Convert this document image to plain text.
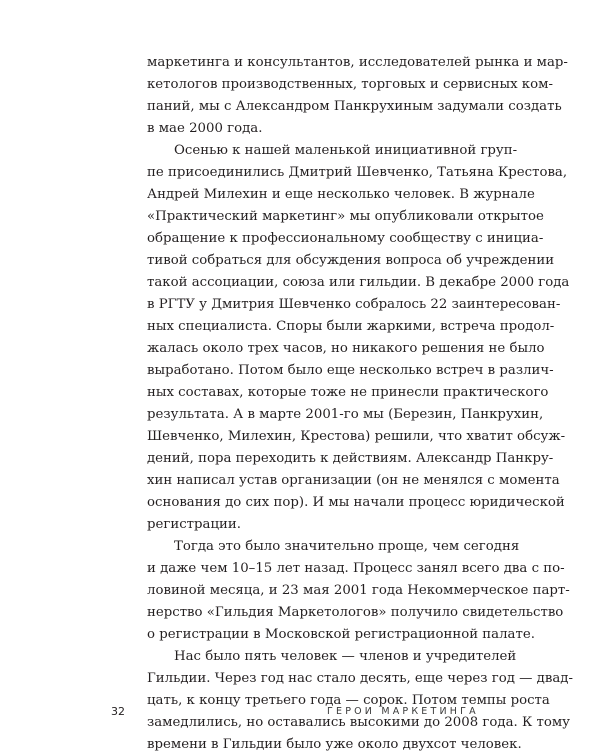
маркетинга и консультантов, исследователей рынка и мар-
кетологов производственных, торговых и сервисных ком-
паний, мы с Александром Панкрухиным задумали создать
в мае 2000 года.
Осенью к нашей маленькой инициативной груп-
пе присоединились Дмитрий Шевченко, Татьяна Крестова,
Андрей Милехин и еще несколько человек. В журнале
«Практический маркетинг» мы опубликовали открытое
обращение к профессиональному сообществу с инициа-
тивой собраться для обсуждения вопроса об учреждении
такой ассоциации, союза или гильдии. В декабре 2000 года
в РГТУ у Дмитрия Шевченко собралось 22 заинтересован-
ных специалиста. Споры были жаркими, встреча продол-
жалась около трех часов, но никакого решения не было
выработано. Потом было еще несколько встреч в различ-
ных составах, которые тоже не принесли практического
результата. А в марте 2001-го мы (Березин, Панкрухин,
Шевченко, Милехин, Крестова) решили, что хватит обсуж-
дений, пора переходить к действиям. Александр Панкру-
хин написал устав организации (он не менялся с момента
основания до сих пор). И мы начали процесс юридической
регистрации.
Тогда это было значительно проще, чем сегодня
и даже чем 10–15 лет назад. Процесс занял всего два с по-
ловиной месяца, и 23 мая 2001 года Некоммерческое парт-
нерство «Гильдия Маркетологов» получило свидетельство
о регистрации в Московской регистрационной палате.
Нас было пять человек — членов и учредителей
Гильдии. Через год нас стало десять, еще через год — двад-
цать, к концу третьего года — сорок. Потом темпы роста
замедлились, но оставались высокими до 2008 года. К тому
времени в Гильдии было уже около двухсот человек.
32	ГЕРОИ МАРКЕТИНГА
